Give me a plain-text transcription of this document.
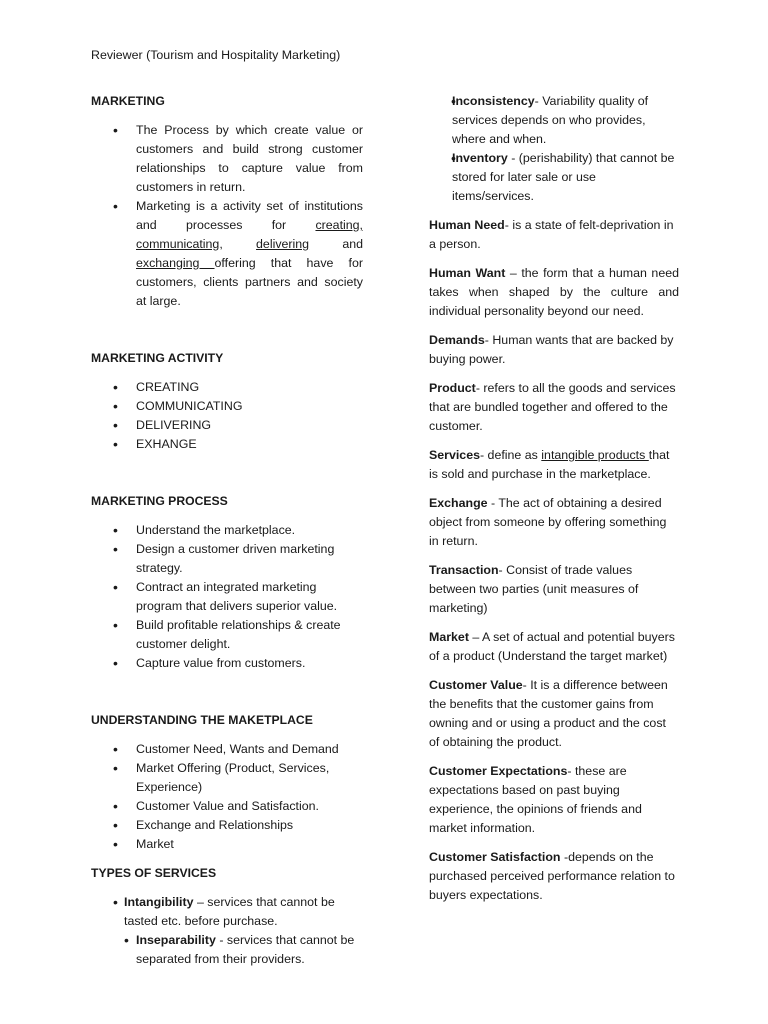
Reviewer (Tourism and Hospitality Marketing)
MARKETING
• The Process by which create value or customers and build strong customer relationships to capture value from customers in return.
• Marketing is a activity set of institutions and processes for creating, communicating, delivering and exchanging offering that have for customers, clients partners and society at large.
MARKETING ACTIVITY
• CREATING
• COMMUNICATING
• DELIVERING
• EXHANGE
MARKETING PROCESS
• Understand the marketplace.
• Design a customer driven marketing strategy.
• Contract an integrated marketing program that delivers superior value.
• Build profitable relationships & create customer delight.
• Capture value from customers.
UNDERSTANDING THE MAKETPLACE
• Customer Need, Wants and Demand
• Market Offering (Product, Services, Experience)
• Customer Value and Satisfaction.
• Exchange and Relationships
• Market
TYPES OF SERVICES
• Intangibility – services that cannot be tasted etc. before purchase.
• Inseparability - services that cannot be separated from their providers.
• Inconsistency- Variability quality of services depends on who provides, where and when.
• Inventory - (perishability) that cannot be stored for later sale or use items/services.

Human Need- is a state of felt-deprivation in a person.

Human Want – the form that a human need takes when shaped by the culture and individual personality beyond our need.

Demands- Human wants that are backed by buying power.

Product- refers to all the goods and services that are bundled together and offered to the customer.

Services- define as intangible products that is sold and purchase in the marketplace.

Exchange - The act of obtaining a desired object from someone by offering something in return.

Transaction- Consist of trade values between two parties (unit measures of marketing)

Market – A set of actual and potential buyers of a product (Understand the target market)

Customer Value- It is a difference between the benefits that the customer gains from owning and or using a product and the cost of obtaining the product.

Customer Expectations- these are expectations based on past buying experience, the opinions of friends and market information.

Customer Satisfaction -depends on the purchased perceived performance relation to buyers expectations.
